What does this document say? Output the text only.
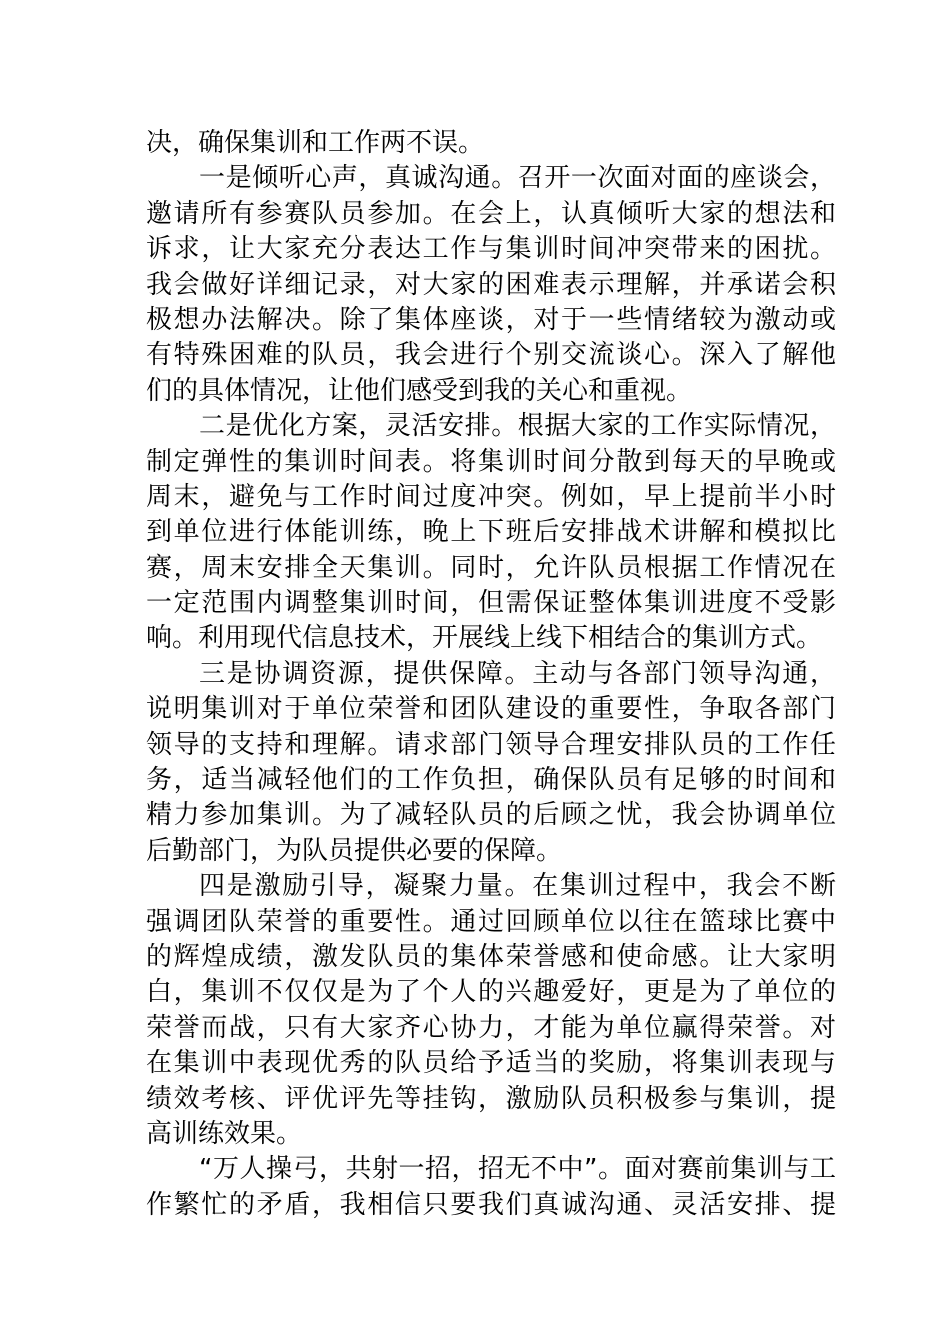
决，确保集训和工作两不误。
一是倾听心声，真诚沟通。召开一次面对面的座谈会，
邀请所有参赛队员参加。在会上，认真倾听大家的想法和
诉求，让大家充分表达工作与集训时间冲突带来的困扰。
我会做好详细记录，对大家的困难表示理解，并承诺会积
极想办法解决。除了集体座谈，对于一些情绪较为激动或
有特殊困难的队员，我会进行个别交流谈心。深入了解他
们的具体情况，让他们感受到我的关心和重视。
二是优化方案，灵活安排。根据大家的工作实际情况，
制定弹性的集训时间表。将集训时间分散到每天的早晚或
周末，避免与工作时间过度冲突。例如，早上提前半小时
到单位进行体能训练，晚上下班后安排战术讲解和模拟比
赛，周末安排全天集训。同时，允许队员根据工作情况在
一定范围内调整集训时间，但需保证整体集训进度不受影
响。利用现代信息技术，开展线上线下相结合的集训方式。
三是协调资源，提供保障。主动与各部门领导沟通，
说明集训对于单位荣誉和团队建设的重要性，争取各部门
领导的支持和理解。请求部门领导合理安排队员的工作任
务，适当减轻他们的工作负担，确保队员有足够的时间和
精力参加集训。为了减轻队员的后顾之忧，我会协调单位
后勤部门，为队员提供必要的保障。
四是激励引导，凝聚力量。在集训过程中，我会不断
强调团队荣誉的重要性。通过回顾单位以往在篮球比赛中
的辉煌成绩，激发队员的集体荣誉感和使命感。让大家明
白，集训不仅仅是为了个人的兴趣爱好，更是为了单位的
荣誉而战，只有大家齐心协力，才能为单位赢得荣誉。对
在集训中表现优秀的队员给予适当的奖励，将集训表现与
绩效考核、评优评先等挂钩，激励队员积极参与集训，提
高训练效果。
“万人操弓，共射一招，招无不中”。面对赛前集训与工
作繁忙的矛盾，我相信只要我们真诚沟通、灵活安排、提
